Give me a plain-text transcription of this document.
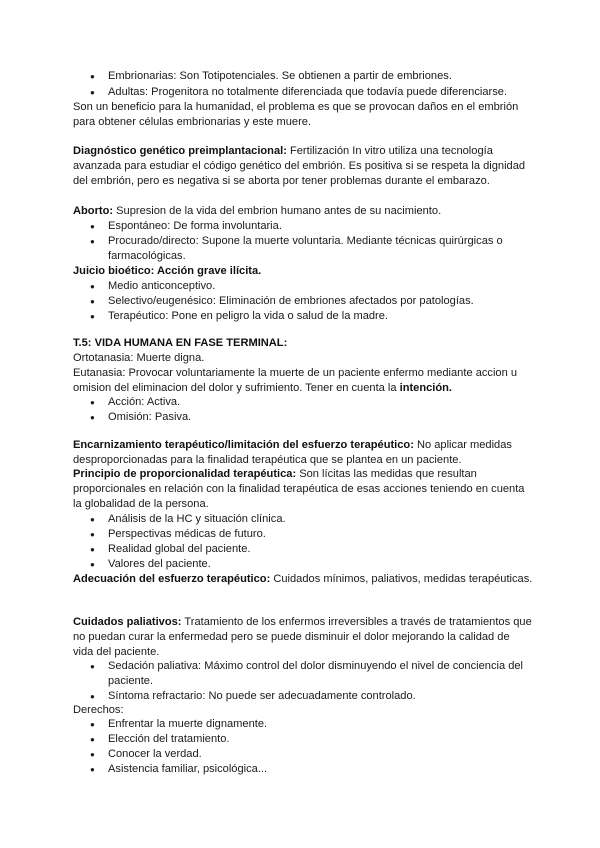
● Embrionarias: Son Totipotenciales. Se obtienen a partir de embriones.

● Adultas: Progenitora no totalmente diferenciada que todavía puede diferenciarse.

Son un beneficio para la humanidad, el problema es que se provocan daños en el embrión para obtener células embrionarias y este muere.

Diagnóstico genético preimplantacional: Fertilización In vitro utiliza una tecnología avanzada para estudiar el código genético del embrión. Es positiva si se respeta la dignidad del embrión, pero es negativa si se aborta por tener problemas durante el embarazo.

Aborto: Supresion de la vida del embrion humano antes de su nacimiento.

● Espontáneo: De forma involuntaria.

● Procurado/directo: Supone la muerte voluntaria. Mediante técnicas quirúrgicas o farmacológicas.

Juicio bioético: Acción grave ilícita.

● Medio anticonceptivo.

● Selectivo/eugenésico: Eliminación de embriones afectados por patologías.

● Terapéutico: Pone en peligro la vida o salud de la madre.

T.5: VIDA HUMANA EN FASE TERMINAL:

Ortotanasia: Muerte digna.

Eutanasia: Provocar voluntariamente la muerte de un paciente enfermo mediante accion u omision del eliminacion del dolor y sufrimiento. Tener en cuenta la intención.

● Acción: Activa.

● Omisión: Pasiva.

Encarnizamiento terapéutico/limitación del esfuerzo terapéutico: No aplicar medidas desproporcionadas para la finalidad terapéutica que se plantea en un paciente.

Principio de proporcionalidad terapéutica: Son lícitas las medidas que resultan proporcionales en relación con la finalidad terapéutica de esas acciones teniendo en cuenta la globalidad de la persona.

● Análisis de la HC y situación clínica.

● Perspectivas médicas de futuro.

● Realidad global del paciente.

● Valores del paciente.

Adecuación del esfuerzo terapéutico: Cuidados mínimos, paliativos, medidas terapéuticas.

Cuidados paliativos: Tratamiento de los enfermos irreversibles a través de tratamientos que no puedan curar la enfermedad pero se puede disminuir el dolor mejorando la calidad de vida del paciente.

● Sedación paliativa: Máximo control del dolor disminuyendo el nivel de conciencia del paciente.

● Síntoma refractario: No puede ser adecuadamente controlado.

Derechos:

● Enfrentar la muerte dignamente.

● Elección del tratamiento.

● Conocer la verdad.

● Asistencia familiar, psicológica...
